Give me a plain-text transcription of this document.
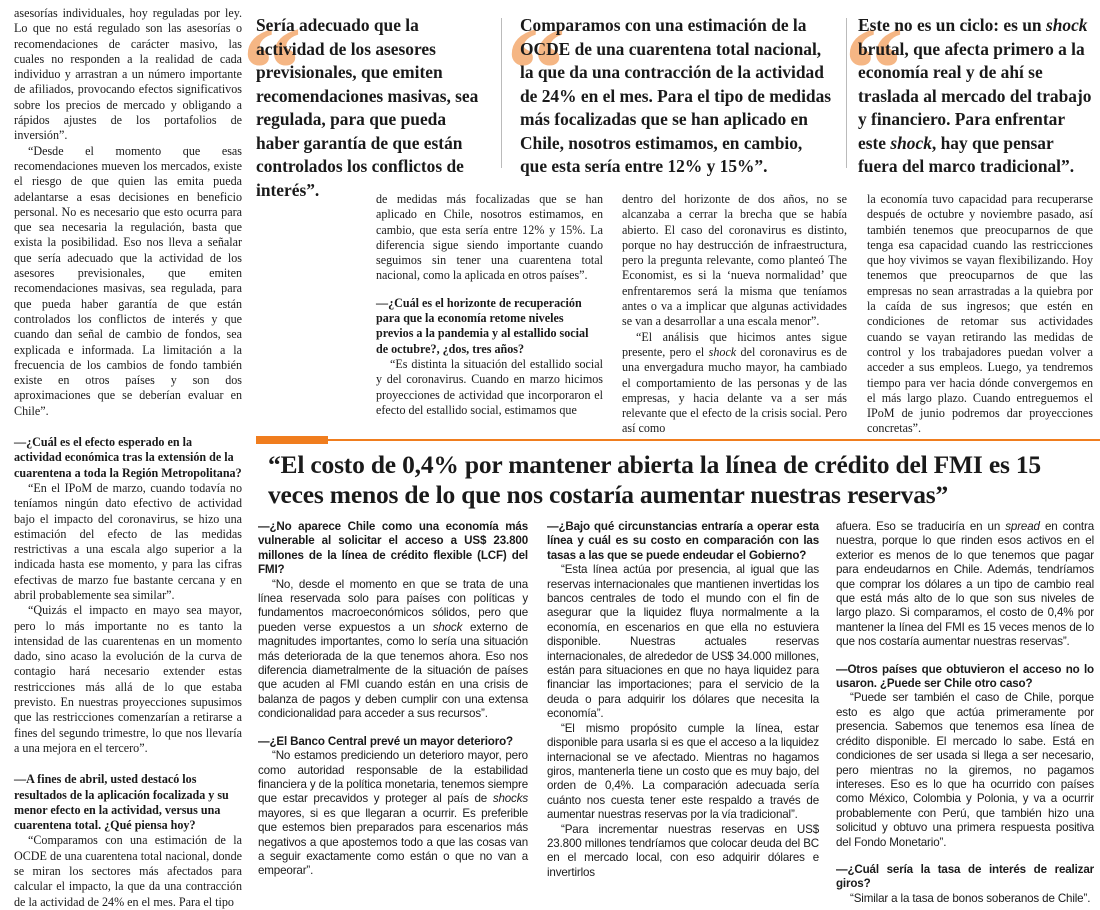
asesorías individuales, hoy reguladas por ley. Lo que no está regulado son las asesorías o recomendaciones de carácter masivo, las cuales no responden a la realidad de cada individuo y arrastran a un número importante de afiliados, provocando efectos significativos sobre los precios de mercado y obligando a rápidos ajustes de los portafolios de inversión”.

“Desde el momento que esas recomendaciones mueven los mercados, existe el riesgo de que quien las emita pueda adelantarse a esas decisiones en beneficio personal. No es necesario que esto ocurra para que sea necesaria la regulación, basta que exista la posibilidad. Eso nos lleva a señalar que sería adecuado que la actividad de los asesores previsionales, que emiten recomendaciones masivas, sea regulada, para que pueda haber garantía de que están controlados los conflictos de interés y que cuando dan señal de cambio de fondos, sea explicada e informada. La limitación a la frecuencia de los cambios de fondo también existe en otros países y son dos aproximaciones que se deberían evaluar en Chile”.

—¿Cuál es el efecto esperado en la actividad económica tras la extensión de la cuarentena a toda la Región Metropolitana?

“En el IPoM de marzo, cuando todavía no teníamos ningún dato efectivo de actividad bajo el impacto del coronavirus, se hizo una estimación del efecto de las medidas restrictivas a una escala algo superior a la indicada hasta ese momento, y para las cifras efectivas de marzo fue bastante cercana y en abril probablemente sea similar”.

“Quizás el impacto en mayo sea mayor, pero lo más importante no es tanto la intensidad de las cuarentenas en un momento dado, sino acaso la evolución de la curva de contagio hará necesario extender estas restricciones más allá de lo que estaba previsto. En nuestras proyecciones supusimos que las restricciones comenzarían a retirarse a fines del segundo trimestre, lo que nos llevaría a una mejora en el tercero”.

—A fines de abril, usted destacó los resultados de la aplicación focalizada y su menor efecto en la actividad, versus una cuarentena total. ¿Qué piensa hoy?

“Comparamos con una estimación de la OCDE de una cuarentena total nacional, donde se miran los sectores más afectados para calcular el impacto, la que da una contracción de la actividad de 24% en el mes. Para el tipo

“
Sería adecuado que la actividad de los asesores previsionales, que emiten recomendaciones masivas, sea regulada, para que pueda haber garantía de que están controlados los conflictos de interés”.
“
Comparamos con una estimación de la OCDE de una cuarentena total nacional, la que da una contracción de la actividad de 24% en el mes. Para el tipo de medidas más focalizadas que se han aplicado en Chile, nosotros estimamos, en cambio, que esta sería entre 12% y 15%”.
“
Este no es un ciclo: es un shock brutal, que afecta primero a la economía real y de ahí se traslada al mercado del trabajo y financiero. Para enfrentar este shock, hay que pensar fuera del marco tradicional”.

de medidas más focalizadas que se han aplicado en Chile, nosotros estimamos, en cambio, que esta sería entre 12% y 15%. La diferencia sigue siendo importante cuando seguimos sin tener una cuarentena total nacional, como la aplicada en otros países”.

—¿Cuál es el horizonte de recuperación para que la economía retome niveles previos a la pandemia y al estallido social de octubre?, ¿dos, tres años?

“Es distinta la situación del estallido social y del coronavirus. Cuando en marzo hicimos proyecciones de actividad que incorporaron el efecto del estallido social, estimamos que

dentro del horizonte de dos años, no se alcanzaba a cerrar la brecha que se había abierto. El caso del coronavirus es distinto, porque no hay destrucción de infraestructura, pero la pregunta relevante, como planteó The Economist, es si la ‘nueva normalidad’ que enfrentaremos será la misma que teníamos antes o va a implicar que algunas actividades se van a desarrollar a una escala menor”.

“El análisis que hicimos antes sigue presente, pero el shock del coronavirus es de una envergadura mucho mayor, ha cambiado el comportamiento de las personas y de las empresas, y hacia delante va a ser más relevante que el efecto de la crisis social. Pero así como

la economía tuvo capacidad para recuperarse después de octubre y noviembre pasado, así también tenemos que preocuparnos de que tenga esa capacidad cuando las restricciones que hoy vivimos se vayan flexibilizando. Hoy tenemos que preocuparnos de que las empresas no sean arrastradas a la quiebra por la caída de sus ingresos; que estén en condiciones de retomar sus actividades cuando se vayan retirando las medidas de control y los trabajadores puedan volver a acceder a sus empleos. Luego, ya tendremos tiempo para ver hacia dónde convergemos en el más largo plazo. Cuando entreguemos el IPoM de junio podremos dar proyecciones concretas”.

“El costo de 0,4% por mantener abierta la línea de crédito del FMI es 15 veces menos de lo que nos costaría aumentar nuestras reservas”

—¿No aparece Chile como una economía más vulnerable al solicitar el acceso a US$ 23.800 millones de la línea de crédito flexible (LCF) del FMI?

“No, desde el momento en que se trata de una línea reservada solo para países con políticas y fundamentos macroeconómicos sólidos, pero que pueden verse expuestos a un shock externo de magnitudes importantes, como lo sería una situación más deteriorada de la que tenemos ahora. Eso nos diferencia diametralmente de la situación de países que acuden al FMI cuando están en una crisis de balanza de pagos y deben cumplir con una extensa condicionalidad para acceder a sus recursos”.

—¿El Banco Central prevé un mayor deterioro?

“No estamos prediciendo un deterioro mayor, pero como autoridad responsable de la estabilidad financiera y de la política monetaria, tenemos siempre que estar precavidos y proteger al país de shocks mayores, si es que llegaran a ocurrir. Es preferible que estemos bien preparados para escenarios más negativos a que apostemos todo a que las cosas van a seguir exactamente como están o que no van a empeorar”.

—¿Bajo qué circunstancias entraría a operar esta línea y cuál es su costo en comparación con las tasas a las que se puede endeudar el Gobierno?

“Esta línea actúa por presencia, al igual que las reservas internacionales que mantienen invertidas los bancos centrales de todo el mundo con el fin de asegurar que la liquidez fluya normalmente a la economía, en escenarios en que ella no estuviera disponible. Nuestras actuales reservas internacionales, de alrededor de US$ 34.000 millones, están para situaciones en que no haya liquidez para financiar las importaciones; para el servicio de la deuda o para adquirir los dólares que necesita la economía”.

“El mismo propósito cumple la línea, estar disponible para usarla si es que el acceso a la liquidez internacional se ve afectado. Mientras no hagamos giros, mantenerla tiene un costo que es muy bajo, del orden de 0,4%. La comparación adecuada sería cuánto nos cuesta tener este respaldo a través de aumentar nuestras reservas por la vía tradicional”.

“Para incrementar nuestras reservas en US$ 23.800 millones tendríamos que colocar deuda del BC en el mercado local, con eso adquirir dólares e invertirlos

afuera. Eso se traduciría en un spread en contra nuestra, porque lo que rinden esos activos en el exterior es menos de lo que tenemos que pagar para endeudarnos en Chile. Además, tendríamos que comprar los dólares a un tipo de cambio real que está más alto de lo que son sus niveles de largo plazo. Si comparamos, el costo de 0,4% por mantener la línea del FMI es 15 veces menos de lo que nos costaría aumentar nuestras reservas”.

—Otros países que obtuvieron el acceso no lo usaron. ¿Puede ser Chile otro caso?

“Puede ser también el caso de Chile, porque esto es algo que actúa primeramente por presencia. Sabemos que tenemos esa línea de crédito disponible. El mercado lo sabe. Está en condiciones de ser usada si llega a ser necesario, pero mientras no la giremos, no pagamos intereses. Eso es lo que ha ocurrido con países como México, Colombia y Polonia, y va a ocurrir probablemente con Perú, que también hizo una solicitud y obtuvo una primera respuesta positiva del Fondo Monetario”.

—¿Cuál sería la tasa de interés de realizar giros?

“Similar a la tasa de bonos soberanos de Chile”.
